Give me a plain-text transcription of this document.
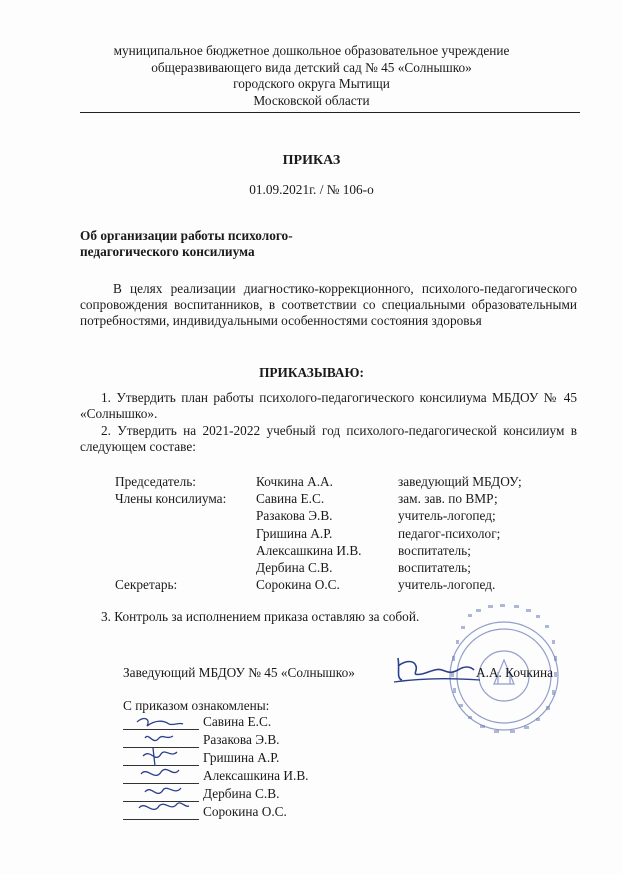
муниципальное бюджетное дошкольное образовательное учреждение
общеразвивающего вида детский сад № 45 «Солнышко»
городского округа Мытищи
Московской области
ПРИКАЗ
01.09.2021г. / № 106-о
Об организации работы психолого-
педагогического консилиума
В целях реализации диагностико-коррекционного, психолого-педагогического сопровождения воспитанников, в соответствии со специальными образовательными потребностями, индивидуальными особенностями состояния здоровья
ПРИКАЗЫВАЮ:
1. Утвердить план работы психолого-педагогического консилиума МБДОУ № 45 «Солнышко».
2. Утвердить на 2021-2022 учебный год психолого-педагогической консилиум в следующем составе:
Председатель:	Кочкина А.А.	заведующий МБДОУ;
Члены консилиума: Савина Е.С.	зам. зав. по ВМР;
Разакова Э.В.	учитель-логопед;
Гришина А.Р.	педагог-психолог;
Алексашкина И.В.	воспитатель;
Дербина С.В.	воспитатель;
Секретарь:	Сорокина О.С.	учитель-логопед.
3. Контроль за исполнением приказа оставляю за собой.
Заведующий МБДОУ № 45 «Солнышко»	А.А. Кочкина
С приказом ознакомлены:
Савина Е.С.
Разакова Э.В.
Гришина А.Р.
Алексашкина И.В.
Дербина С.В.
Сорокина О.С.
